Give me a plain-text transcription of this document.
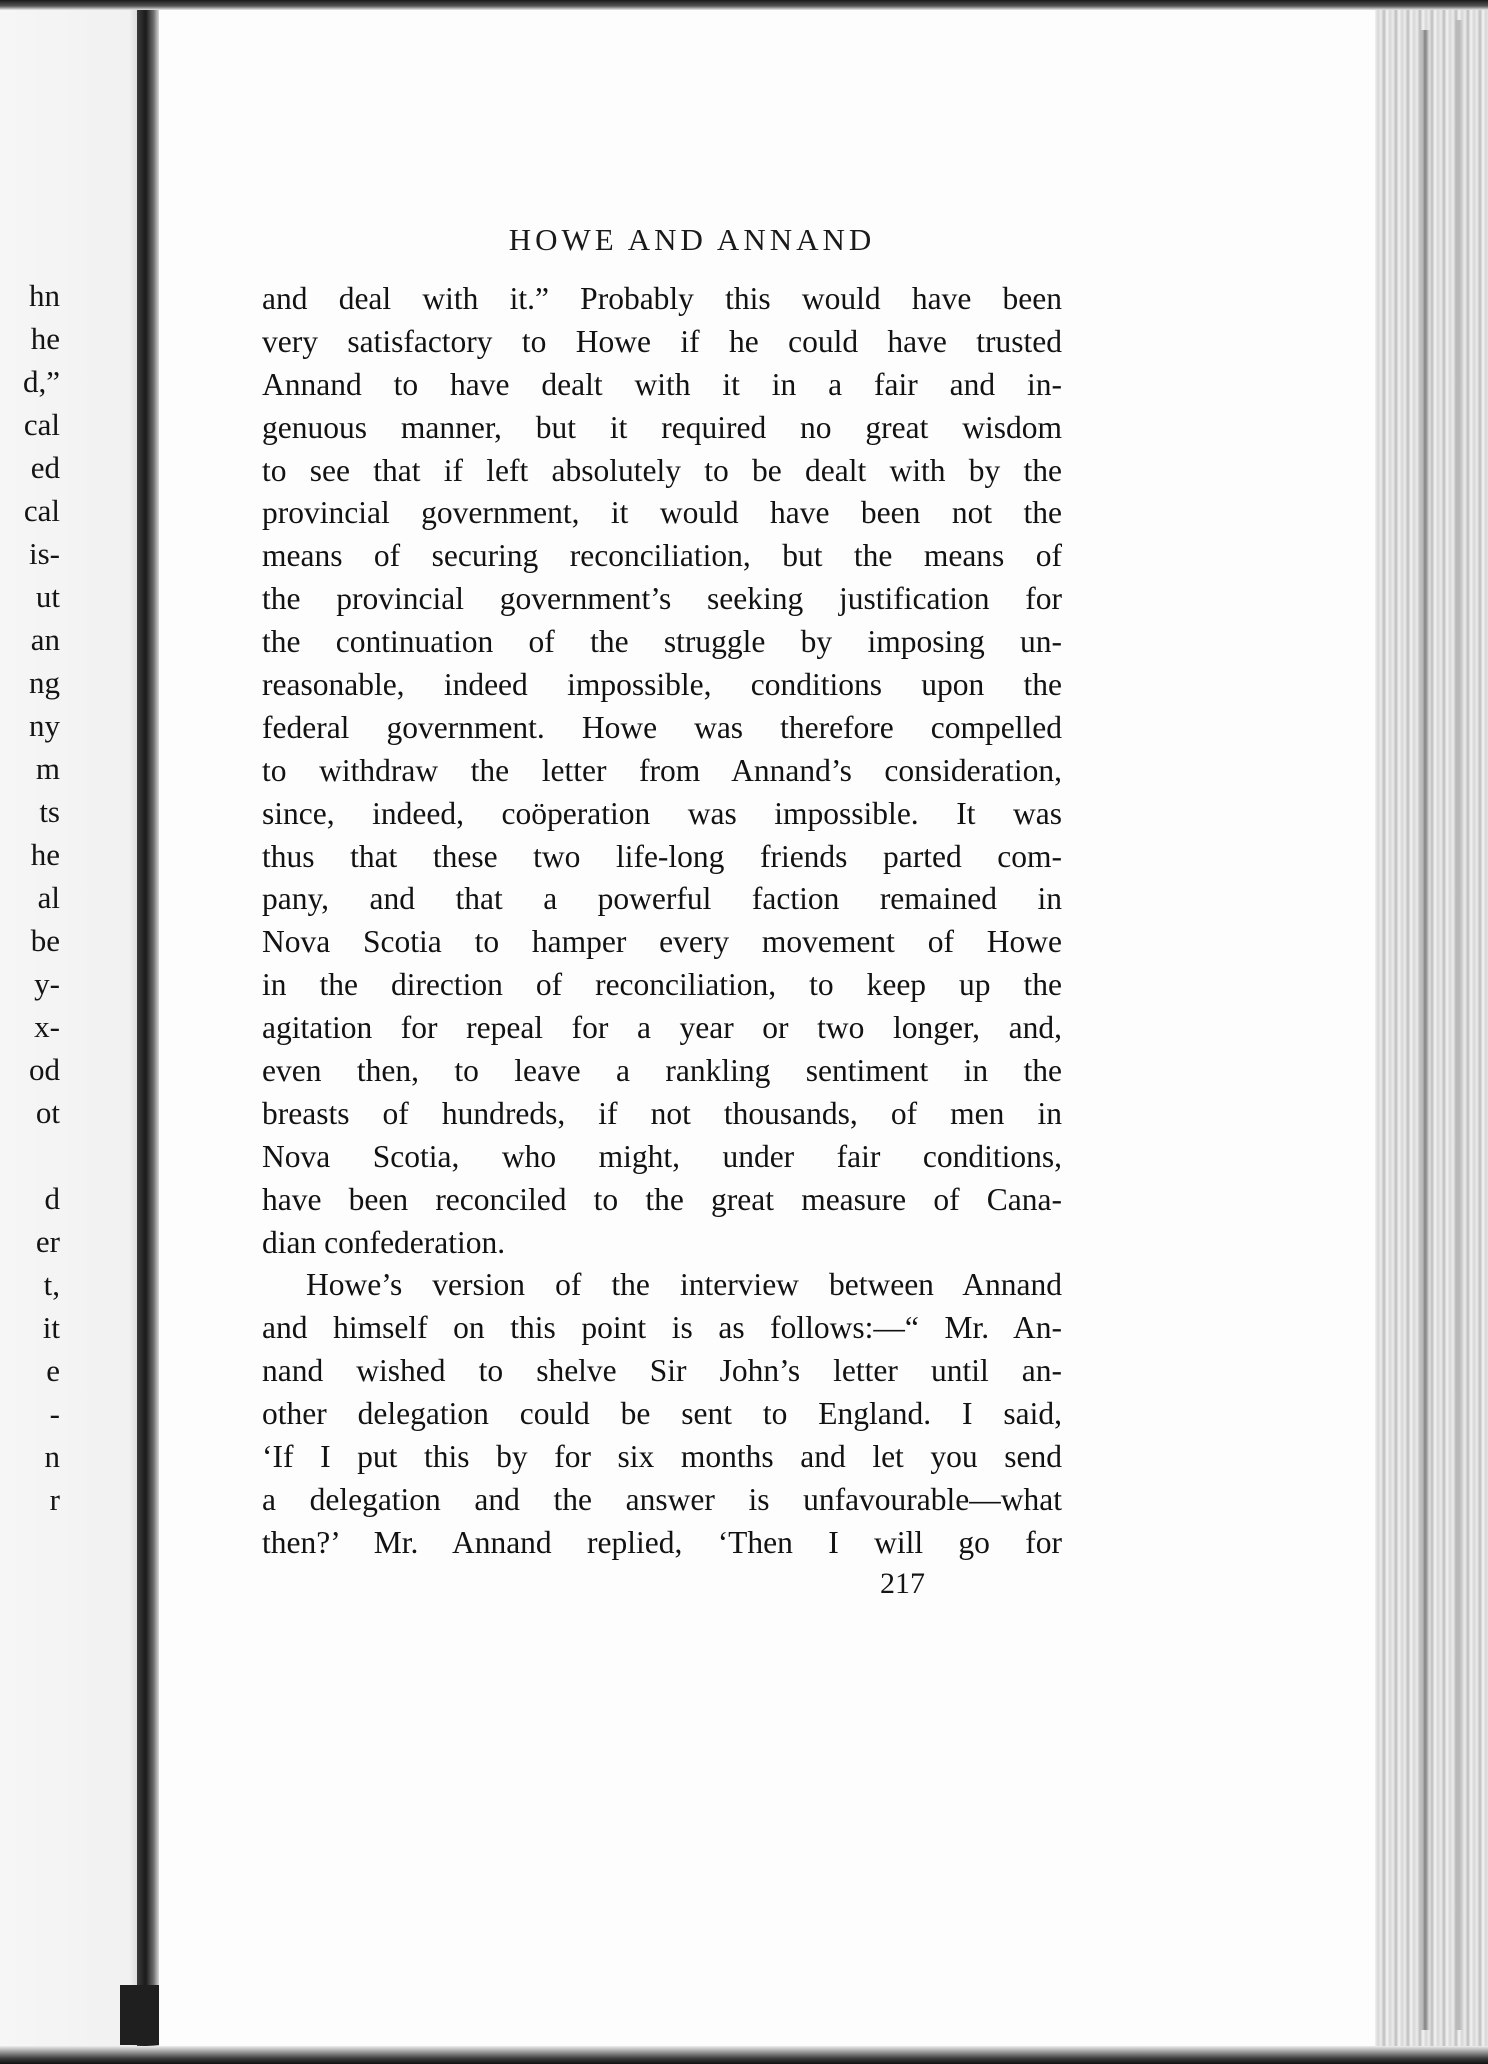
hn
he
d,”
cal
ed
cal
is-
ut
an
ng
ny
m
ts
he
al
be
y-
x-
od
ot
d
er
t,
it
e
-
n
r
HOWE AND ANNAND
and deal with it.” Probably this would have been
very satisfactory to Howe if he could have trusted
Annand to have dealt with it in a fair and in-
genuous manner, but it required no great wisdom
to see that if left absolutely to be dealt with by the
provincial government, it would have been not the
means of securing reconciliation, but the means of
the provincial government’s seeking justification for
the continuation of the struggle by imposing un-
reasonable, indeed impossible, conditions upon the
federal government. Howe was therefore compelled
to withdraw the letter from Annand’s consideration,
since, indeed, coöperation was impossible. It was
thus that these two life-long friends parted com-
pany, and that a powerful faction remained in
Nova Scotia to hamper every movement of Howe
in the direction of reconciliation, to keep up the
agitation for repeal for a year or two longer, and,
even then, to leave a rankling sentiment in the
breasts of hundreds, if not thousands, of men in
Nova Scotia, who might, under fair conditions,
have been reconciled to the great measure of Cana-
dian confederation.
Howe’s version of the interview between Annand
and himself on this point is as follows:—“ Mr. An-
nand wished to shelve Sir John’s letter until an-
other delegation could be sent to England. I said,
‘If I put this by for six months and let you send
a delegation and the answer is unfavourable—what
then?’ Mr. Annand replied, ‘Then I will go for
217
